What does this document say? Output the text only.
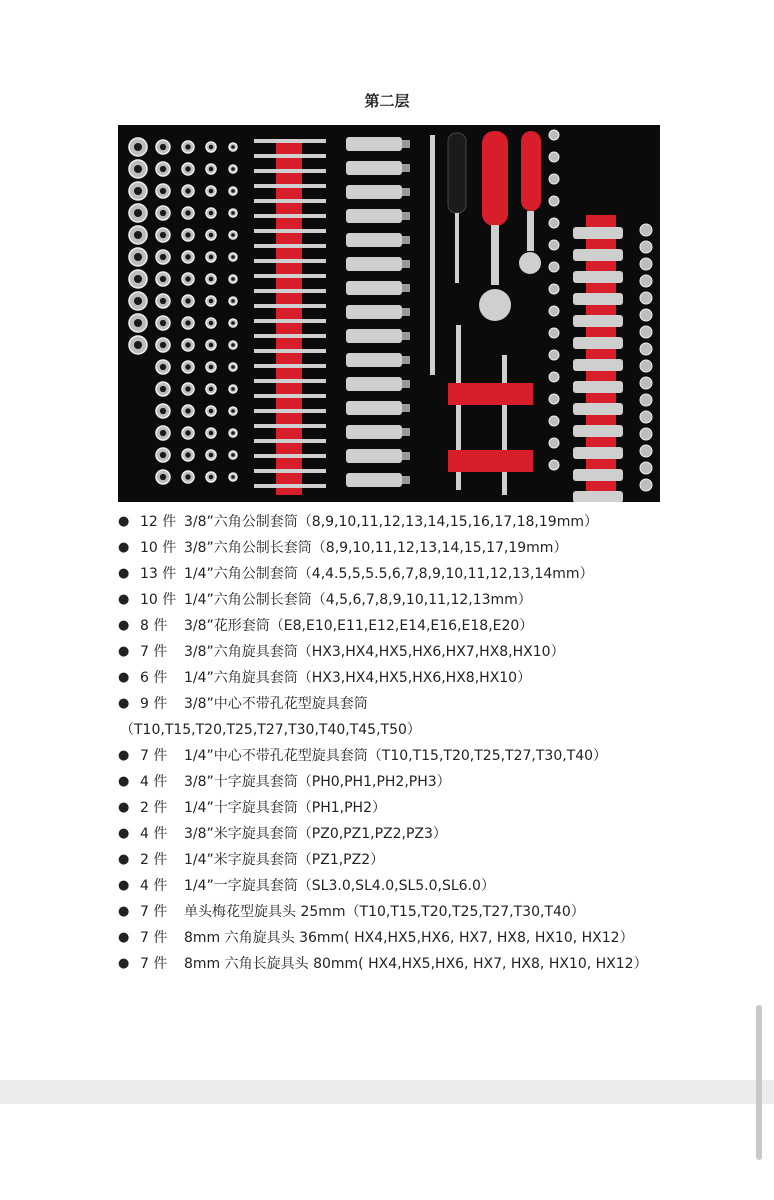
第二层
● 12 件 3/8”六角公制套筒（8,9,10,11,12,13,14,15,16,17,18,19mm）
● 10 件 3/8”六角公制长套筒（8,9,10,11,12,13,14,15,17,19mm）
● 13 件 1/4”六角公制套筒（4,4.5,5,5.5,6,7,8,9,10,11,12,13,14mm）
● 10 件 1/4”六角公制长套筒（4,5,6,7,8,9,10,11,12,13mm）
● 8 件 3/8”花形套筒（E8,E10,E11,E12,E14,E16,E18,E20）
● 7 件 3/8”六角旋具套筒（HX3,HX4,HX5,HX6,HX7,HX8,HX10）
● 6 件 1/4”六角旋具套筒（HX3,HX4,HX5,HX6,HX8,HX10）
● 9 件 3/8”中心不带孔花型旋具套筒
（T10,T15,T20,T25,T27,T30,T40,T45,T50）
● 7 件 1/4”中心不带孔花型旋具套筒（T10,T15,T20,T25,T27,T30,T40）
● 4 件 3/8”十字旋具套筒（PH0,PH1,PH2,PH3）
● 2 件 1/4”十字旋具套筒（PH1,PH2）
● 4 件 3/8”米字旋具套筒（PZ0,PZ1,PZ2,PZ3）
● 2 件 1/4”米字旋具套筒（PZ1,PZ2）
● 4 件 1/4”一字旋具套筒（SL3.0,SL4.0,SL5.0,SL6.0）
● 7 件 单头梅花型旋具头 25mm（T10,T15,T20,T25,T27,T30,T40）
● 7 件 8mm 六角旋具头 36mm( HX4,HX5,HX6, HX7, HX8, HX10, HX12）
● 7 件 8mm 六角长旋具头 80mm( HX4,HX5,HX6, HX7, HX8, HX10, HX12）
